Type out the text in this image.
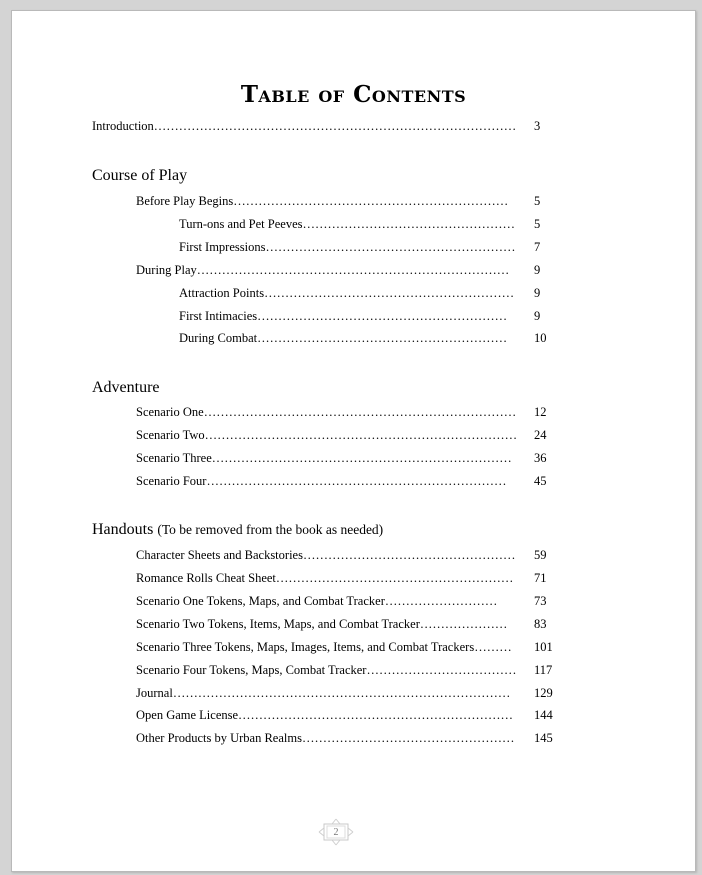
Table of Contents
Introduction…………………………………………………………………………… 3
Course of Play
Before Play Begins…………………………………………………………	5
Turn-ons and Pet Peeves…………………………………………… 5
First Impressions…………………………………………………… 7
During Play…………………………………………………………………	9
Attraction Points……………………………………………………	9
First Intimacies……………………………………………………	9
During Combat……………………………………………………	10
Adventure
Scenario One………………………………………………………………… 12
Scenario Two………………………………………………………………… 24
Scenario Three………………………………………………………………	36
Scenario Four………………………………………………………………	45
Handouts (To be removed from the book as needed)
Character Sheets and Backstories…………………………………………… 59
Romance Rolls Cheat Sheet…………………………………………………	71
Scenario One Tokens, Maps, and Combat Tracker………………………	73
Scenario Two Tokens, Items, Maps, and Combat Tracker…………………	83
Scenario Three Tokens, Maps, Images, Items, and Combat Trackers………	101
Scenario Four Tokens, Maps, Combat Tracker……………………………… 117
Journal………………………………………………………………………	129
Open Game License…………………………………………………………	144
Other Products by Urban Realms…………………………………………… 145
2
